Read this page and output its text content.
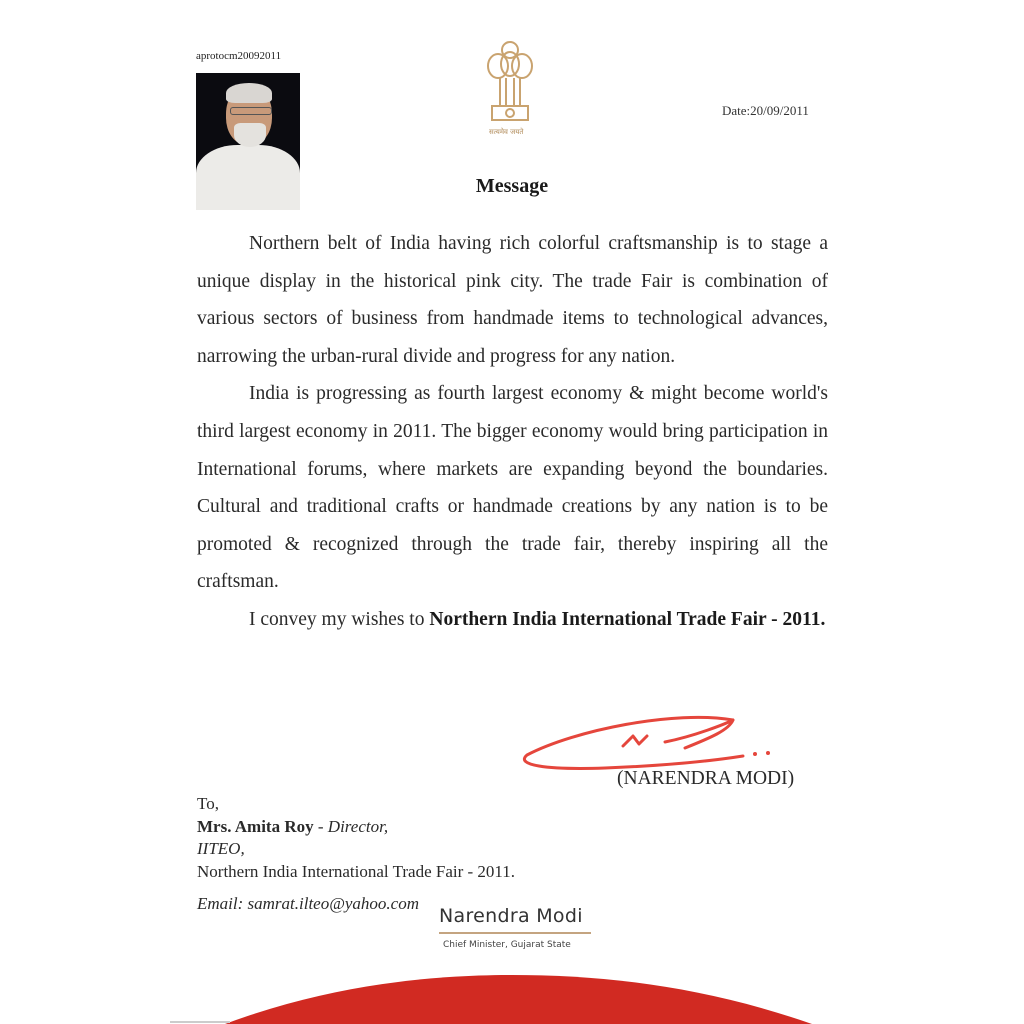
aprotocm20092011
सत्यमेव जयते
Date:20/09/2011
Message

Northern belt of India having rich colorful craftsmanship is to stage a unique display in the historical pink city. The trade Fair is combination of various sectors of business from handmade items to technological advances, narrowing the urban-rural divide and progress for any nation.

India is progressing as fourth largest economy & might become world's third largest economy in 2011. The bigger economy would bring participation in International forums, where markets are expanding beyond the boundaries. Cultural and traditional crafts or handmade creations by any nation is to be promoted & recognized through the trade fair, thereby inspiring all the craftsman.

I convey my wishes to Northern India International Trade Fair - 2011.

(NARENDRA MODI)
To,
Mrs. Amita Roy - Director,
IITEO,
Northern India International Trade Fair - 2011.
Email: samrat.ilteo@yahoo.com
Narendra Modi
Chief Minister, Gujarat State
